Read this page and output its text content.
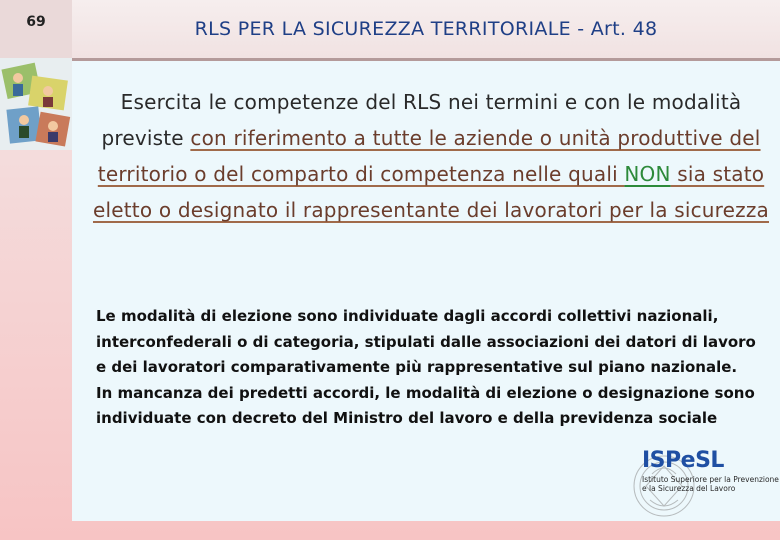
69	RLS PER LA SICUREZZA TERRITORIALE - Art. 48

Esercita le competenze del RLS nei termini e con le modalità previste con riferimento a tutte le aziende o unità produttive del territorio o del comparto di competenza nelle quali NON sia stato eletto o designato il rappresentante dei lavoratori per la sicurezza

Le modalità di elezione sono individuate dagli accordi collettivi nazionali, interconfederali o di categoria, stipulati dalle associazioni dei datori di lavoro e dei lavoratori comparativamente più rappresentative sul piano nazionale.

In mancanza dei predetti accordi, le modalità di elezione o designazione sono individuate con decreto del Ministro del lavoro e della previdenza sociale

ISPeSL
Istituto Superiore per la Prevenzione
e la Sicurezza del Lavoro
